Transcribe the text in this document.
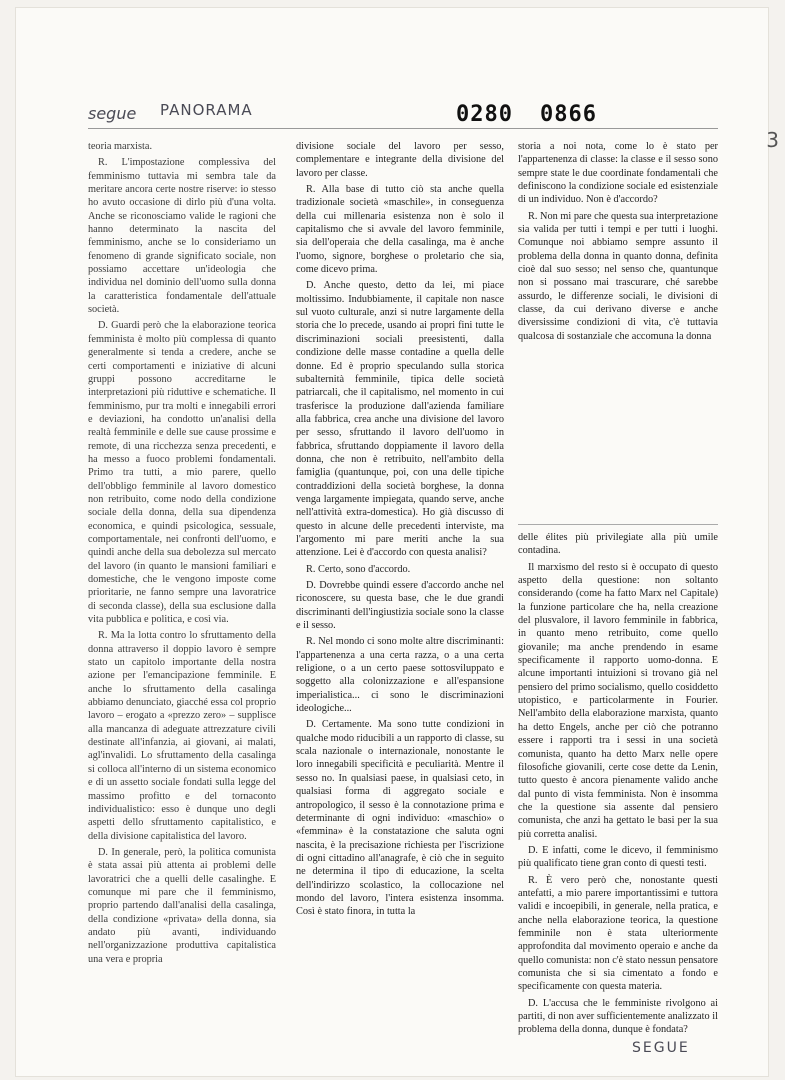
segue PANORAMA	0280 0866
3

teoria marxista.

R. L'impostazione complessiva del femminismo tuttavia mi sembra tale da meritare ancora certe nostre riserve: io stesso ho avuto occasione di dirlo più d'una volta. Anche se riconosciamo valide le ragioni che hanno determinato la nascita del femminismo, anche se lo consideriamo un fenomeno di grande significato sociale, non possiamo accettare un'ideologia che individua nel dominio dell'uomo sulla donna la caratteristica fondamentale dell'attuale società.

D. Guardi però che la elaborazione teorica femminista è molto più complessa di quanto generalmente si tenda a credere, anche se certi comportamenti e iniziative di alcuni gruppi possono accreditarne le interpretazioni più riduttive e schematiche. Il femminismo, pur tra molti e innegabili errori e deviazioni, ha condotto un'analisi della realtà femminile e delle sue cause prossime e remote, di una ricchezza senza precedenti, e ha messo a fuoco problemi fondamentali. Primo tra tutti, a mio parere, quello dell'obbligo femminile al lavoro domestico non retribuito, come nodo della condizione sociale della donna, della sua dipendenza economica, e quindi psicologica, sessuale, comportamentale, nei confronti dell'uomo, e quindi anche della sua debolezza sul mercato del lavoro (in quanto le mansioni familiari e domestiche, che le vengono imposte come prioritarie, ne fanno sempre una lavoratrice di seconda classe), della sua esclusione dalla vita pubblica e politica, e così via.

R. Ma la lotta contro lo sfruttamento della donna attraverso il doppio lavoro è sempre stato un capitolo importante della nostra azione per l'emancipazione femminile. E anche lo sfruttamento della casalinga abbiamo denunciato, giacché essa col proprio lavoro – erogato a «prezzo zero» – supplisce alla mancanza di adeguate attrezzature civili destinate all'infanzia, ai giovani, ai malati, agl'invalidi. Lo sfruttamento della casalinga si colloca all'interno di un sistema economico e di un assetto sociale fondati sulla legge del massimo profitto e del tornaconto individualistico: esso è dunque uno degli aspetti dello sfruttamento capitalistico, e della divisione capitalistica del lavoro.

D. In generale, però, la politica comunista è stata assai più attenta ai problemi delle lavoratrici che a quelli delle casalinghe. E comunque mi pare che il femminismo, proprio partendo dall'analisi della casalinga, della condizione «privata» della donna, sia andato più avanti, individuando nell'organizzazione produttiva capitalistica una vera e propria

divisione sociale del lavoro per sesso, complementare e integrante della divisione del lavoro per classe.

R. Alla base di tutto ciò sta anche quella tradizionale società «maschile», in conseguenza della cui millenaria esistenza non è solo il capitalismo che si avvale del lavoro femminile, sia dell'operaia che della casalinga, ma è anche l'uomo, signore, borghese o proletario che sia, come dicevo prima.

D. Anche questo, detto da lei, mi piace moltissimo. Indubbiamente, il capitale non nasce sul vuoto culturale, anzi si nutre largamente della storia che lo precede, usando ai propri fini tutte le discriminazioni sociali preesistenti, dalla condizione delle masse contadine a quella delle donne. Ed è proprio speculando sulla storica subalternità femminile, tipica delle società patriarcali, che il capitalismo, nel momento in cui trasferisce la produzione dall'azienda familiare alla fabbrica, crea anche una divisione del lavoro per sesso, sfruttando il lavoro dell'uomo in fabbrica, sfruttando doppiamente il lavoro della donna, che non è retribuito, nell'ambito della famiglia (quantunque, poi, con una delle tipiche contraddizioni della società borghese, la donna venga largamente impiegata, quando serve, anche nell'attività extra-domestica). Ho già discusso di questo in alcune delle precedenti interviste, ma l'argomento mi pare meriti anche la sua attenzione. Lei è d'accordo con questa analisi?

R. Certo, sono d'accordo.

D. Dovrebbe quindi essere d'accordo anche nel riconoscere, su questa base, che le due grandi discriminanti dell'ingiustizia sociale sono la classe e il sesso.

R. Nel mondo ci sono molte altre discriminanti: l'appartenenza a una certa razza, o a una certa religione, o a un certo paese sottosviluppato e soggetto alla colonizzazione e all'espansione imperialistica... ci sono le discriminazioni ideologiche...

D. Certamente. Ma sono tutte condizioni in qualche modo riducibili a un rapporto di classe, su scala nazionale o internazionale, nonostante le loro innegabili specificità e peculiarità. Mentre il sesso no. In qualsiasi paese, in qualsiasi ceto, in qualsiasi forma di aggregato sociale e antropologico, il sesso è la connotazione prima e determinante di ogni individuo: «maschio» o «femmina» è la constatazione che saluta ogni nascita, è la precisazione richiesta per l'iscrizione di ogni cittadino all'anagrafe, è ciò che in seguito ne determina il tipo di educazione, la scelta dell'indirizzo scolastico, la collocazione nel mondo del lavoro, l'intera esistenza insomma. Così è stato finora, in tutta la

storia a noi nota, come lo è stato per l'appartenenza di classe: la classe e il sesso sono sempre state le due coordinate fondamentali che definiscono la condizione sociale ed esistenziale di un individuo. Non è d'accordo?

R. Non mi pare che questa sua interpretazione sia valida per tutti i tempi e per tutti i luoghi. Comunque noi abbiamo sempre assunto il problema della donna in quanto donna, definita cioè dal suo sesso; nel senso che, quantunque non si possano mai trascurare, ché sarebbe assurdo, le differenze sociali, le divisioni di classe, da cui derivano diverse e anche diversissime condizioni di vita, c'è tuttavia qualcosa di sostanziale che accomuna la donna

delle élites più privilegiate alla più umile contadina.

Il marxismo del resto si è occupato di questo aspetto della questione: non soltanto considerando (come ha fatto Marx nel Capitale) la funzione particolare che ha, nella creazione del plusvalore, il lavoro femminile in fabbrica, in quanto meno retribuito, come quello giovanile; ma anche prendendo in esame specificamente il rapporto uomo-donna. E alcune importanti intuizioni si trovano già nel pensiero del primo socialismo, quello cosiddetto utopistico, e particolarmente in Fourier. Nell'ambito della elaborazione marxista, quanto ha detto Engels, anche per ciò che potranno essere i rapporti tra i sessi in una società comunista, quanto ha detto Marx nelle opere filosofiche giovanili, certe cose dette da Lenin, tutto questo è ancora pienamente valido anche dal punto di vista femminista. Non è insomma che la questione sia assente dal pensiero comunista, che anzi ha gettato le basi per la sua più corretta analisi.

D. E infatti, come le dicevo, il femminismo più qualificato tiene gran conto di questi testi.

R. È vero però che, nonostante questi antefatti, a mio parere importantissimi e tuttora validi e incoepibili, in generale, nella pratica, e anche nella elaborazione teorica, la questione femminile non è stata ulteriormente approfondita dal movimento operaio e anche da quello comunista: non c'è stato nessun pensatore comunista che si sia cimentato a fondo e specificamente con questa materia.

D. L'accusa che le femministe rivolgono ai partiti, di non aver sufficientemente analizzato il problema della donna, dunque è fondata?

SEGUE
